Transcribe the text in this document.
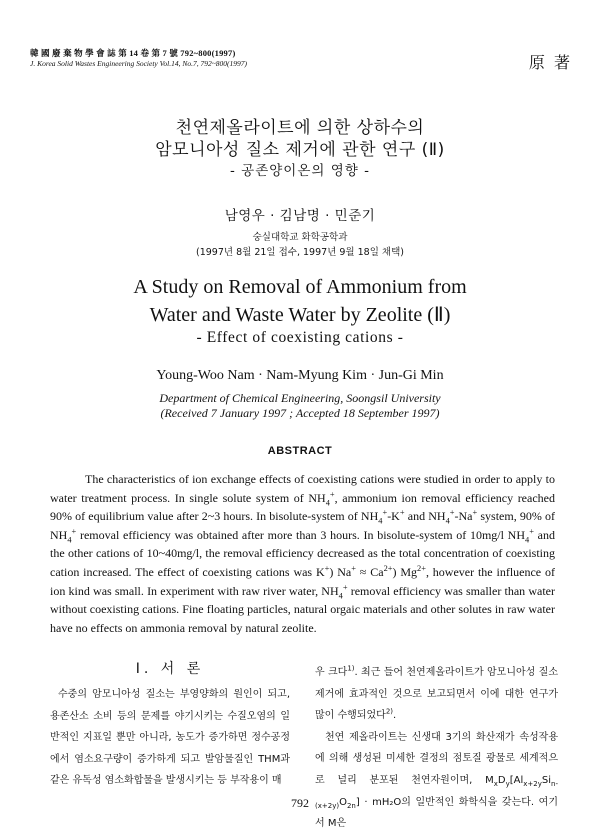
韓 國 廢 棄 物 學 會 誌 第 14 卷 第 7 號 792~800(1997)
J. Korea Solid Wastes Engineering Society Vol.14, No.7, 792~800(1997)	原 著
천연제올라이트에 의한 상하수의
암모니아성 질소 제거에 관한 연구 (Ⅱ)
- 공존양이온의 영향 -
남영우 · 김남명 · 민준기
숭실대학교 화학공학과
(1997년 8월 21일 접수, 1997년 9월 18일 채택)
A Study on Removal of Ammonium from
Water and Waste Water by Zeolite (Ⅱ)
- Effect of coexisting cations -
Young-Woo Nam · Nam-Myung Kim · Jun-Gi Min
Department of Chemical Engineering, Soongsil University
(Received 7 January 1997 ; Accepted 18 September 1997)
ABSTRACT
The characteristics of ion exchange effects of coexisting cations were studied in order to apply to water treatment process. In single solute system of $NH_4^+$, ammonium ion removal efficiency reached 90% of equilibrium value after 2~3 hours. In bisolute-system of $NH_4^+-K^+$ and $NH_4^+-Na^+$ system, 90% of $NH_4^+$ removal efficiency was obtained after more than 3 hours. In bisolute-system of 10mg/l $NH_4^+$ and the other cations of 10~40mg/l, the removal efficiency decreased as the total concentration of coexisting cation increased. The effect of coexisting cations was K+) $Na^+ \approx Ca^{2+}$) $Mg^{2+}$, however the influence of ion kind was small. In experiment with raw river water, $NH_4^+$ removal efficiency was smaller than water without coexisting cations. Fine floating particles, natural orgaic materials and other solutes in raw water have no effects on ammonia removal by natural zeolite.
Ⅰ. 서 론
수중의 암모니아성 질소는 부영양화의 원인이 되고, 용존산소 소비 등의 문제를 야기시키는 수질오염의 일반적인 지표일 뿐만 아니라, 농도가 증가하면 정수공정에서 염소요구량이 증가하게 되고 발암물질인 THM과 같은 유독성 염소화합물을 발생시키는 등 부작용이 매
우 크다$^{1)}$. 최근 들어 천연제올라이트가 암모니아성 질소제거에 효과적인 것으로 보고되면서 이에 대한 연구가 많이 수행되었다$^{2)}$.
천연 제올라이트는 신생대 3기의 화산재가 속성작용에 의해 생성된 미세한 결정의 점토질 광물로 세계적으로 널리 분포된 천연자원이며, $M_xD_y[Al_{x+2y}Si_{n-(x+2y)}O_{2n}] \cdot mH_2O$의 일반적인 화학식을 갖는다. 여기서 M은
792
